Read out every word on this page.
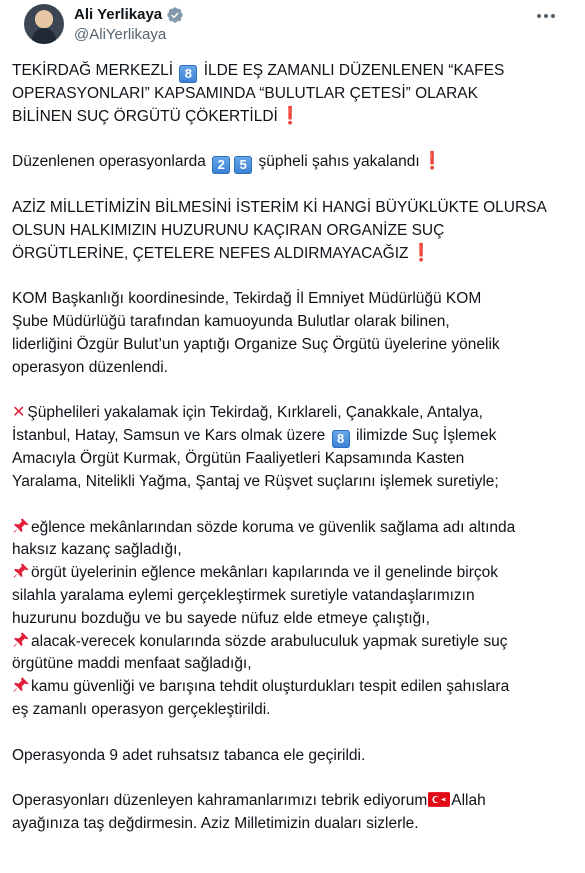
Ali Yerlikaya
@AliYerlikaya
TEKİRDAĞ MERKEZLİ 8 İLDE EŞ ZAMANLI DÜZENLENEN “KAFES
OPERASYONLARI” KAPSAMINDA “BULUTLAR ÇETESİ” OLARAK
BİLİNEN SUÇ ÖRGÜTÜ ÇÖKERTİLDİ ❗
Düzenlenen operasyonlarda 2 5 şüpheli şahıs yakalandı ❗
AZİZ MİLLETİMİZİN BİLMESİNİ İSTERİM Kİ HANGİ BÜYÜKLÜKTE OLURSA
OLSUN HALKIMIZIN HUZURUNU KAÇIRAN ORGANİZE SUÇ
ÖRGÜTLERİNE, ÇETELERE NEFES ALDIRMAYACAĞIZ ❗
KOM Başkanlığı koordinesinde, Tekirdağ İl Emniyet Müdürlüğü KOM
Şube Müdürlüğü tarafından kamuoyunda Bulutlar olarak bilinen,
liderliğini Özgür Bulut’un yaptığı Organize Suç Örgütü üyelerine yönelik
operasyon düzenlendi.
✕ Şüphelileri yakalamak için Tekirdağ, Kırklareli, Çanakkale, Antalya,
İstanbul, Hatay, Samsun ve Kars olmak üzere 8 ilimizde Suç İşlemek
Amacıyla Örgüt Kurmak, Örgütün Faaliyetleri Kapsamında Kasten
Yaralama, Nitelikli Yağma, Şantaj ve Rüşvet suçlarını işlemek suretiyle;
eğlence mekânlarından sözde koruma ve güvenlik sağlama adı altında
haksız kazanç sağladığı,
örgüt üyelerinin eğlence mekânları kapılarında ve il genelinde birçok
silahla yaralama eylemi gerçekleştirmek suretiyle vatandaşlarımızın
huzurunu bozduğu ve bu sayede nüfuz elde etmeye çalıştığı,
alacak-verecek konularında sözde arabuluculuk yapmak suretiyle suç
örgütüne maddi menfaat sağladığı,
kamu güvenliği ve barışına tehdit oluşturdukları tespit edilen şahıslara
eş zamanlı operasyon gerçekleştirildi.
Operasyonda 9 adet ruhsatsız tabanca ele geçirildi.
Operasyonları düzenleyen kahramanlarımızı tebrik ediyorum Allah
ayağınıza taş değdirmesin. Aziz Milletimizin duaları sizlerle.
